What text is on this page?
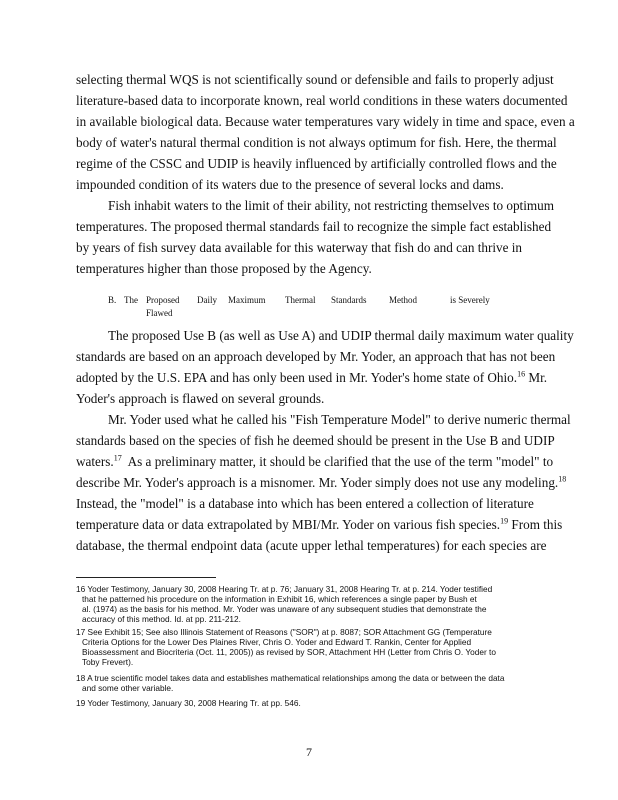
selecting thermal WQS is not scientifically sound or defensible and fails to properly adjust
literature-based data to incorporate known, real world conditions in these waters documented
in available biological data. Because water temperatures vary widely in time and space, even a
body of water's natural thermal condition is not always optimum for fish. Here, the thermal
regime of the CSSC and UDIP is heavily influenced by artificially controlled flows and the
impounded condition of its waters due to the presence of several locks and dams.
Fish inhabit waters to the limit of their ability, not restricting themselves to optimum
temperatures. The proposed thermal standards fail to recognize the simple fact established
by years of fish survey data available for this waterway that fish do and can thrive in
temperatures higher than those proposed by the Agency.
B. The Proposed Daily Maximum Thermal Standards	Method	is Severely
Flawed
The proposed Use B (as well as Use A) and UDIP thermal daily maximum water quality
standards are based on an approach developed by Mr. Yoder, an approach that has not been
adopted by the U.S. EPA and has only been used in Mr. Yoder's home state of Ohio.$^{16}$ Mr.
Yoder's approach is flawed on several grounds.
Mr. Yoder used what he called his "Fish Temperature Model" to derive numeric thermal
standards based on the species of fish he deemed should be present in the Use B and UDIP
waters.$^{17}$ As a preliminary matter, it should be clarified that the use of the term "model" to
describe Mr. Yoder's approach is a misnomer. Mr. Yoder simply does not use any modeling.$^{18}$
Instead, the "model" is a database into which has been entered a collection of literature
temperature data or data extrapolated by MBI/Mr. Yoder on various fish species.$^{19}$ From this
database, the thermal endpoint data (acute upper lethal temperatures) for each species are
16 Yoder Testimony, January 30, 2008 Hearing Tr. at p. 76; January 31, 2008 Hearing Tr. at p. 214. Yoder testified
that he patterned his procedure on the information in Exhibit 16, which references a single paper by Bush et
al. (1974) as the basis for his method. Mr. Yoder was unaware of any subsequent studies that demonstrate the
accuracy of this method. Id. at pp. 211-212.
17 See Exhibit 15; See also Illinois Statement of Reasons ("SOR") at p. 8087; SOR Attachment GG (Temperature
Criteria Options for the Lower Des Plaines River, Chris O. Yoder and Edward T. Rankin, Center for Applied
Bioassessment and Biocriteria (Oct. 11, 2005)) as revised by SOR, Attachment HH (Letter from Chris O. Yoder to
Toby Frevert).
18 A true scientific model takes data and establishes mathematical relationships among the data or between the data
and some other variable.
19 Yoder Testimony, January 30, 2008 Hearing Tr. at pp. 546.
7
